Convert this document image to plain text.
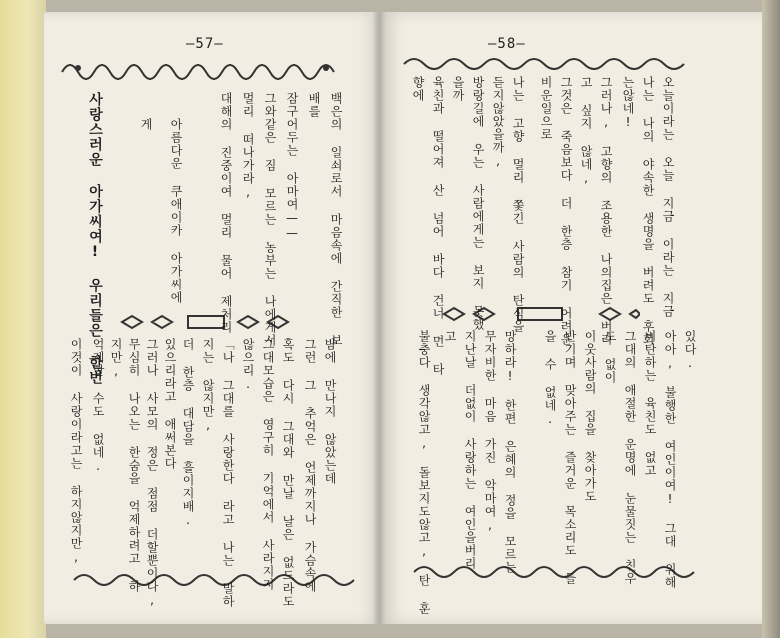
—57—	—58—
백은의 일쇠로서 마음속에 간직한 보
배를
잠구어두는 아마여——
그와같은 짐 모르는 농부는 나에게서
멀리 떠나가라,
대해의 진중이여 멀리 물어 제처리
아름다운 쿠애이카 아가씨에
게
사랑스러운 아가씨여! 우리들은 한번
밤에 만나지 않았는데
그런 그 추억은 언제까지나 가슴속에
혹도 다시 그대와 만날 날은 없드라도
그대모습은 영구히 기억에서 사라지지
않으리.
「나 그대를 사랑한다 라고 나는 말하
지는 않지만,
더 한층 대담을 흘이지배.
있으리라고 애써본다
그러나 사모의 정은 점점 더할뿐이다,
무심히 나오는 한숨을 억제하려고 하
지만,
억제할 수도 없네.
이것이 사랑이라고는 하지않지만,
오늘이라는 오늘 지금 이라는 지금
나는 나의 야속한 생명을 버려도 후회
는않네!
그러나, 고향의 조용한 나의집은 버리
고 싶지 않네,
그것은 죽음보다 더 한층 참기 어려운
비운일으로
나는 고향 멀리 쫓긴 사람의 탄식을
듣지않았을까,
방랑길에 우는 사람에게는 보지 못했
을까
육친과 떨어져 산 넘어 바다 건너 먼 타
향에
있다.
아아, 불행한 여인이여! 그대 위해
비탄하는 육친도 없고
그대의 애절한 운명에 눈물짓는 친우
도 없이
이웃사람의 집을 찾아가도
반기며 맞아주는 즐거운 목소리도 들
을 수 없네.
망하라! 한편 은혜의 정을 모르는
무자비한 마음 가진 악마여,
지난날 더없이 사랑하는 여인을버리
고
불충다 생각않고, 돌보지도않고, 탄 훈
